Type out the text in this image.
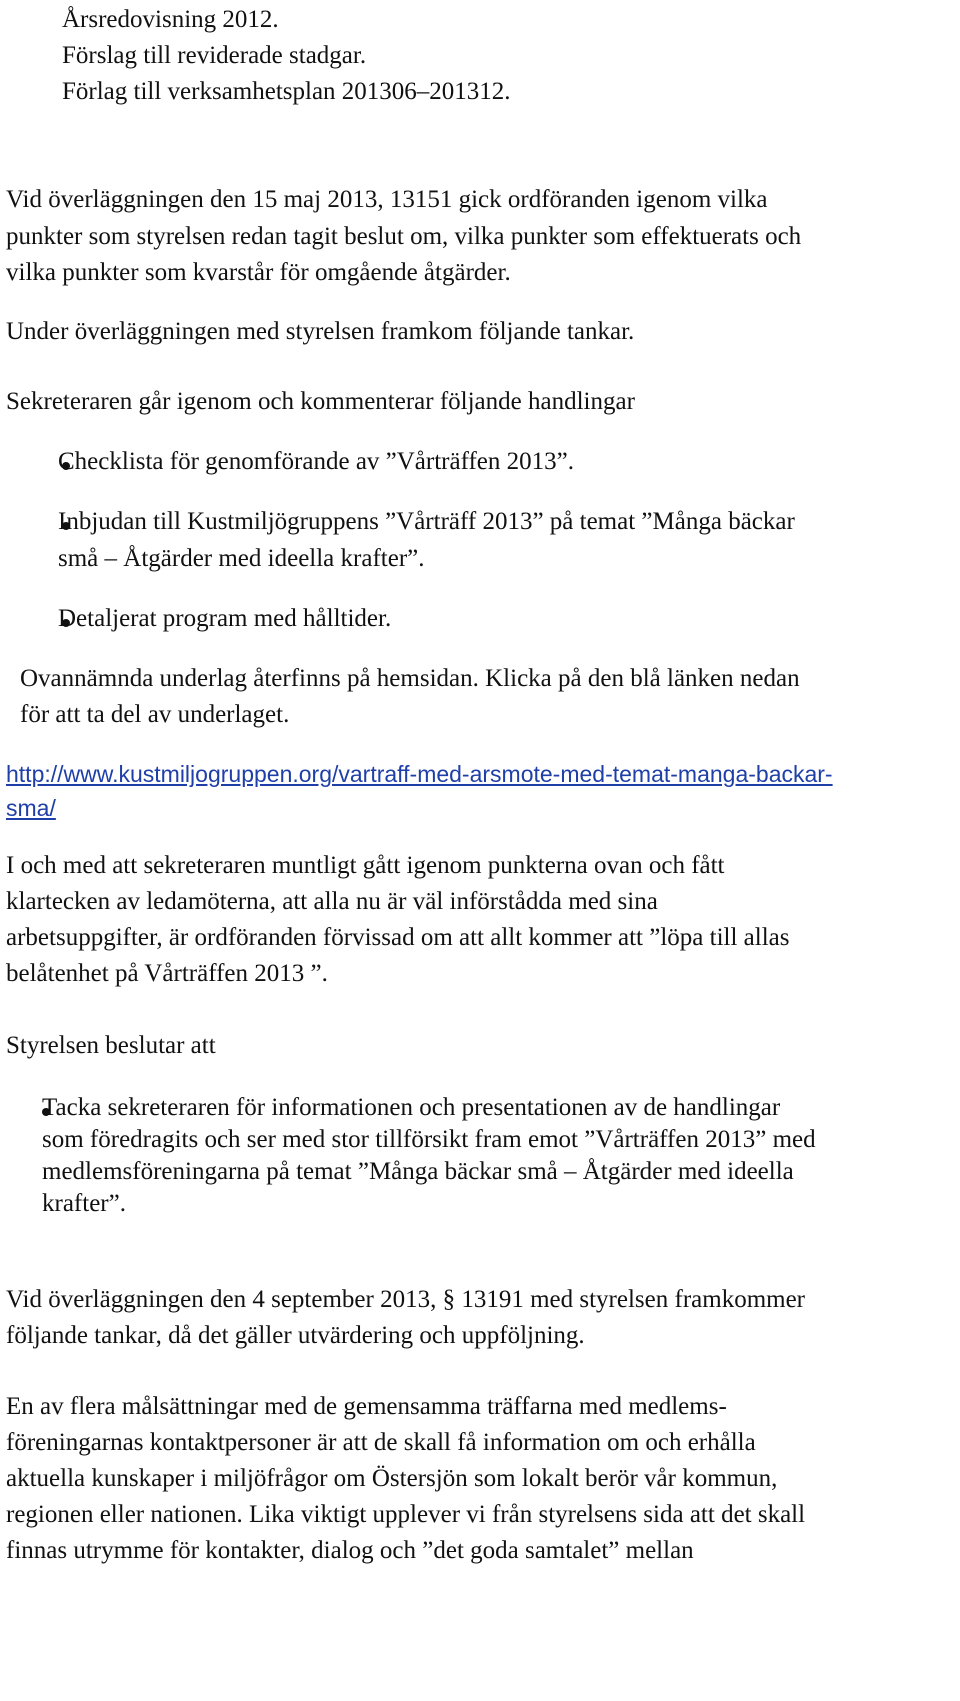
Årsredovisning 2012.
Förslag till reviderade stadgar.
Förlag till verksamhetsplan 201306–201312.
Vid överläggningen den 15 maj 2013, 13151 gick ordföranden igenom vilka
punkter som styrelsen redan tagit beslut om, vilka punkter som effektuerats och
vilka punkter som kvarstår för omgående åtgärder.
Under överläggningen med styrelsen framkom följande tankar.
Sekreteraren går igenom och kommenterar följande handlingar
Checklista för genomförande av ”Vårträffen 2013”.
Inbjudan till Kustmiljögruppens ”Vårträff 2013” på temat ”Många bäckar
små – Åtgärder med ideella krafter”.
Detaljerat program med hålltider.
Ovannämnda underlag återfinns på hemsidan. Klicka på den blå länken nedan
för att ta del av underlaget.
http://www.kustmiljogruppen.org/vartraff-med-arsmote-med-temat-manga-backar-
sma/
I och med att sekreteraren muntligt gått igenom punkterna ovan och fått
klartecken av ledamöterna, att alla nu är väl införstådda med sina
arbetsuppgifter, är ordföranden förvissad om att allt kommer att ”löpa till allas
belåtenhet på Vårträffen 2013 ”.
Styrelsen beslutar att
Tacka sekreteraren för informationen och presentationen av de handlingar
som föredragits och ser med stor tillförsikt fram emot ”Vårträffen 2013” med
medlemsföreningarna på temat ”Många bäckar små – Åtgärder med ideella
krafter”.
Vid överläggningen den 4 september 2013, § 13191 med styrelsen framkommer
följande tankar, då det gäller utvärdering och uppföljning.
En av flera målsättningar med de gemensamma träffarna med medlems-
föreningarnas kontaktpersoner är att de skall få information om och erhålla
aktuella kunskaper i miljöfrågor om Östersjön som lokalt berör vår kommun,
regionen eller nationen. Lika viktigt upplever vi från styrelsens sida att det skall
finnas utrymme för kontakter, dialog och ”det goda samtalet” mellan
